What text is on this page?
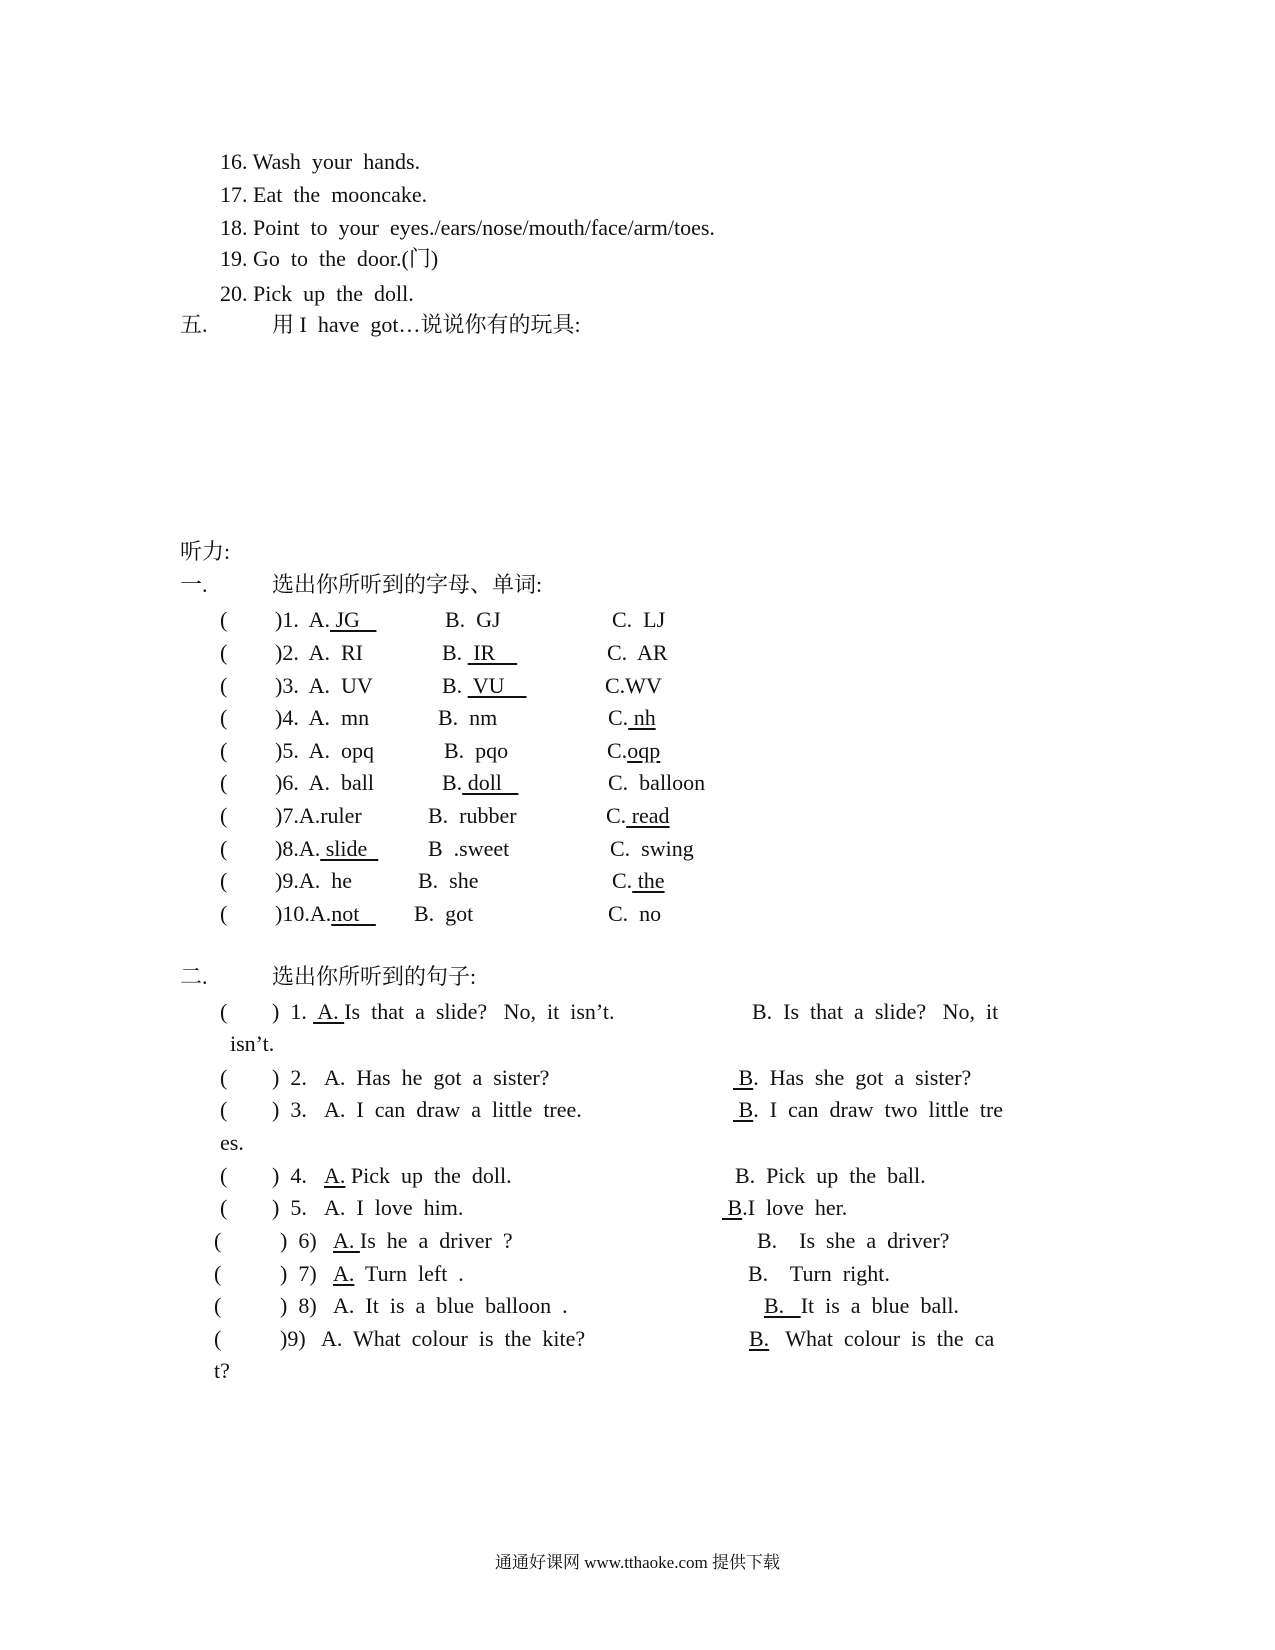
16. Wash  your  hands.
17. Eat  the  mooncake.
18. Point  to  your  eyes./ears/nose/mouth/face/arm/toes.
19. Go  to  the  door.(门)
20. Pick  up  the  doll.
五.	用 I  have  got…说说你有的玩具:
听力:
一.	选出你所听到的字母、单词:
( )1.  A. JG	B.  GJ	C.  LJ
( )2.  A.  RI	B.  IR	C.  AR
( )3.  A.  UV	B.  VU	C.WV
( )4.  A.  mn	B.  nm	C. nh
( )5.  A.  opq	B.  pqo	C.oqp
( )6.  A.  ball	B. doll	C.  balloon
( )7.A.ruler	B.  rubber	C. read
( )8.A. slide B  .sweet	C.  swing
( )9.A.  he	B.  she	C. the
( )10.A.not B.  got	C.  no
二.	选出你所听到的句子:
( )  1. A. Is  that  a  slide?   No,  it  isn’t.	B.  Is  that  a  slide?   No,  it
isn’t.
( )  2. A.  Has  he  got  a  sister?	B.  Has  she  got  a  sister?
( )  3. A.  I  can  draw  a  little  tree.	B.  I  can  draw  two  little  tre
es.
( )  4. A. Pick  up  the  doll.	B.  Pick  up  the  ball.
( )  5. A.  I  love  him.	B.I  love  her.
(	)  6) A. Is  he  a  driver  ?	B.    Is  she  a  driver?
(	)  7) A.  Turn  left  .	B.    Turn  right.
(	)  8) A.  It  is  a  blue  balloon  .	B.   It  is  a  blue  ball.
(	)9) A.  What  colour  is  the  kite?	B.   What  colour  is  the  ca
t?
通通好课网 www.tthaoke.com 提供下载
